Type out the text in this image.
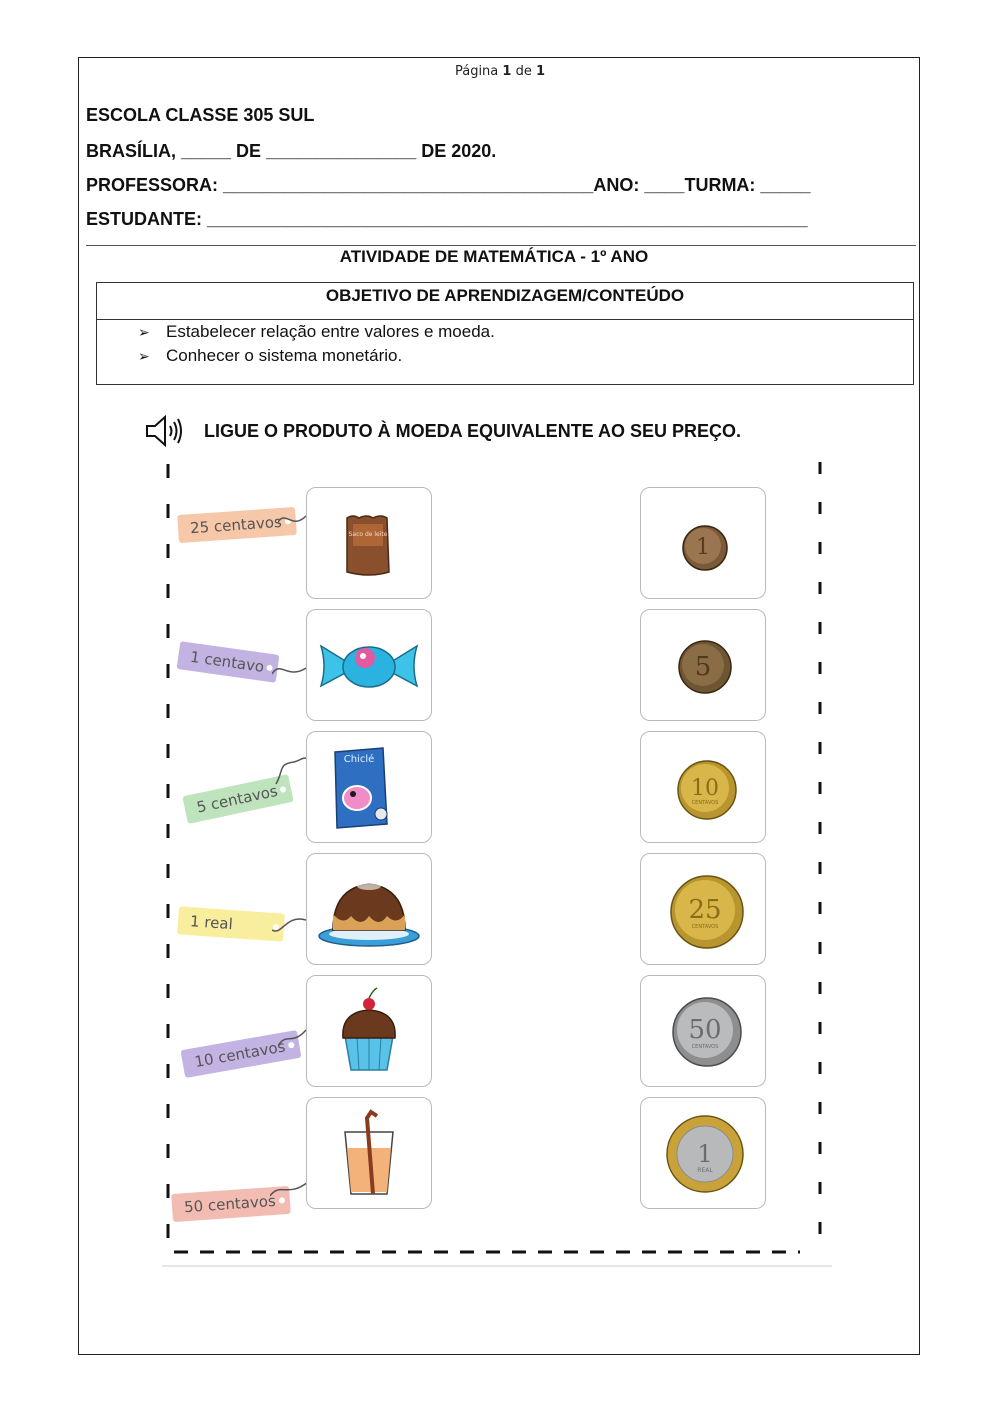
Página 1 de 1
ESCOLA CLASSE 305 SUL
BRASÍLIA, _____ DE _______________ DE 2020.
PROFESSORA: _____________________________________ANO: ____TURMA: _____
ESTUDANTE: ____________________________________________________________
ATIVIDADE DE MATEMÁTICA - 1º ANO
OBJETIVO DE APRENDIZAGEM/CONTEÚDO
➢ Estabelecer relação entre valores e moeda.
➢ Conhecer o sistema monetário.
LIGUE O PRODUTO À MOEDA EQUIVALENTE AO SEU PREÇO.
25 centavos
1 centavo
5 centavos
1 real
10 centavos
50 centavos
Saco de leite
Chiclé
1
5
10
CENTAVOS
25
CENTAVOS
50
CENTAVOS
1
REAL
